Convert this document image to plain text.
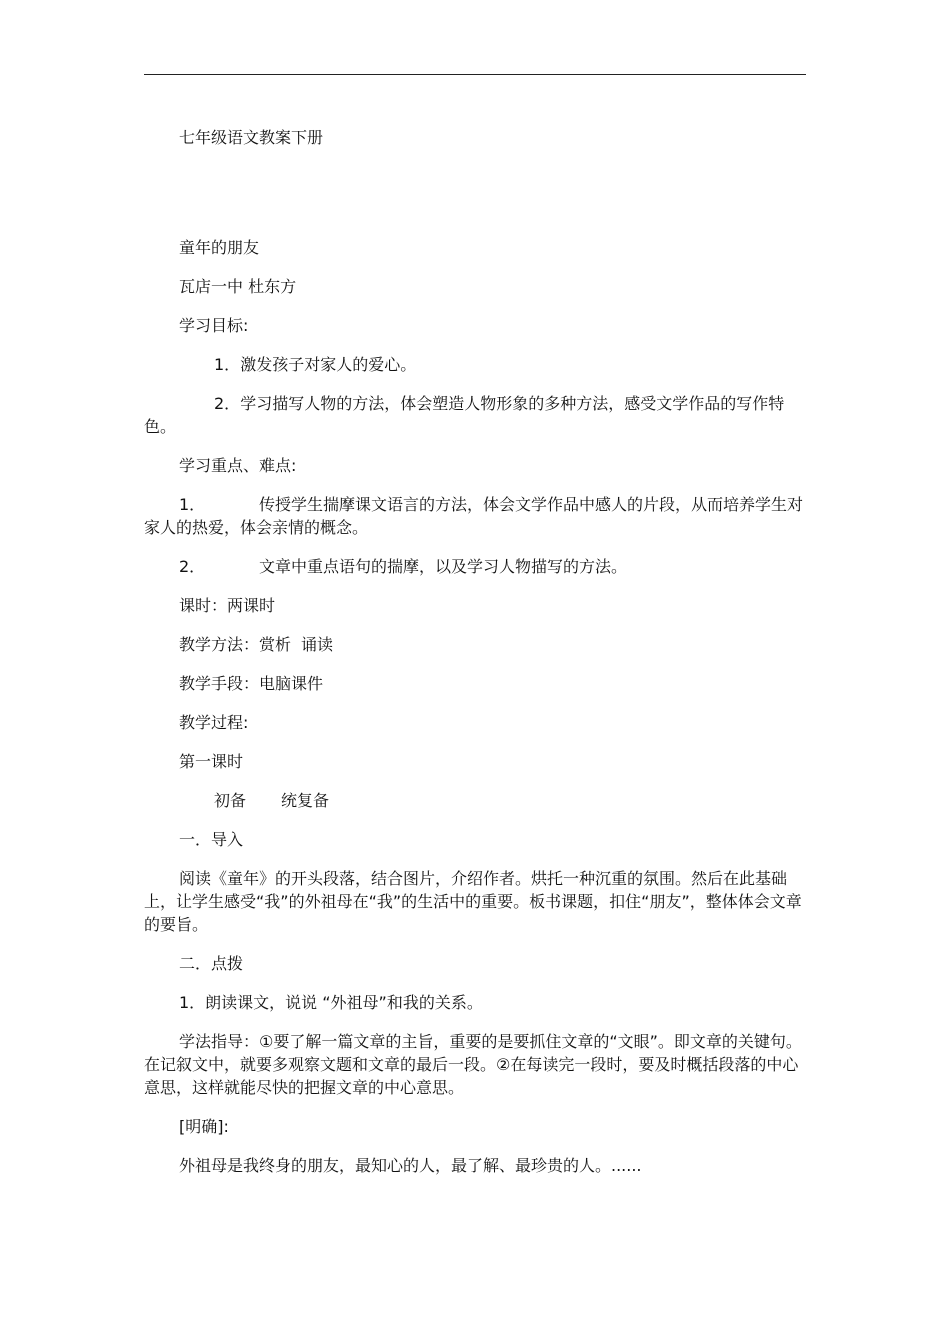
七年级语文教案下册

童年的朋友

瓦店一中 杜东方

学习目标:

1．激发孩子对家人的爱心。

2．学习描写人物的方法，体会塑造人物形象的多种方法，感受文学作品的写作特色。

学习重点、难点:

1．	传授学生揣摩课文语言的方法，体会文学作品中感人的片段，从而培养学生对家人的热爱，体会亲情的概念。

2．	文章中重点语句的揣摩，以及学习人物描写的方法。

课时：两课时

教学方法：赏析 诵读

教学手段：电脑课件

教学过程:

第一课时

初备 统复备

一．导入

阅读《童年》的开头段落，结合图片，介绍作者。烘托一种沉重的氛围。然后在此基础上，让学生感受“我”的外祖母在“我”的生活中的重要。板书课题，扣住“朋友”，整体体会文章的要旨。

二．点拨

1．朗读课文，说说 “外祖母”和我的关系。

学法指导：①要了解一篇文章的主旨，重要的是要抓住文章的“文眼”。即文章的关键句。在记叙文中，就要多观察文题和文章的最后一段。②在每读完一段时，要及时概括段落的中心意思，这样就能尽快的把握文章的中心意思。

[明确]:

外祖母是我终身的朋友，最知心的人，最了解、最珍贵的人。......
